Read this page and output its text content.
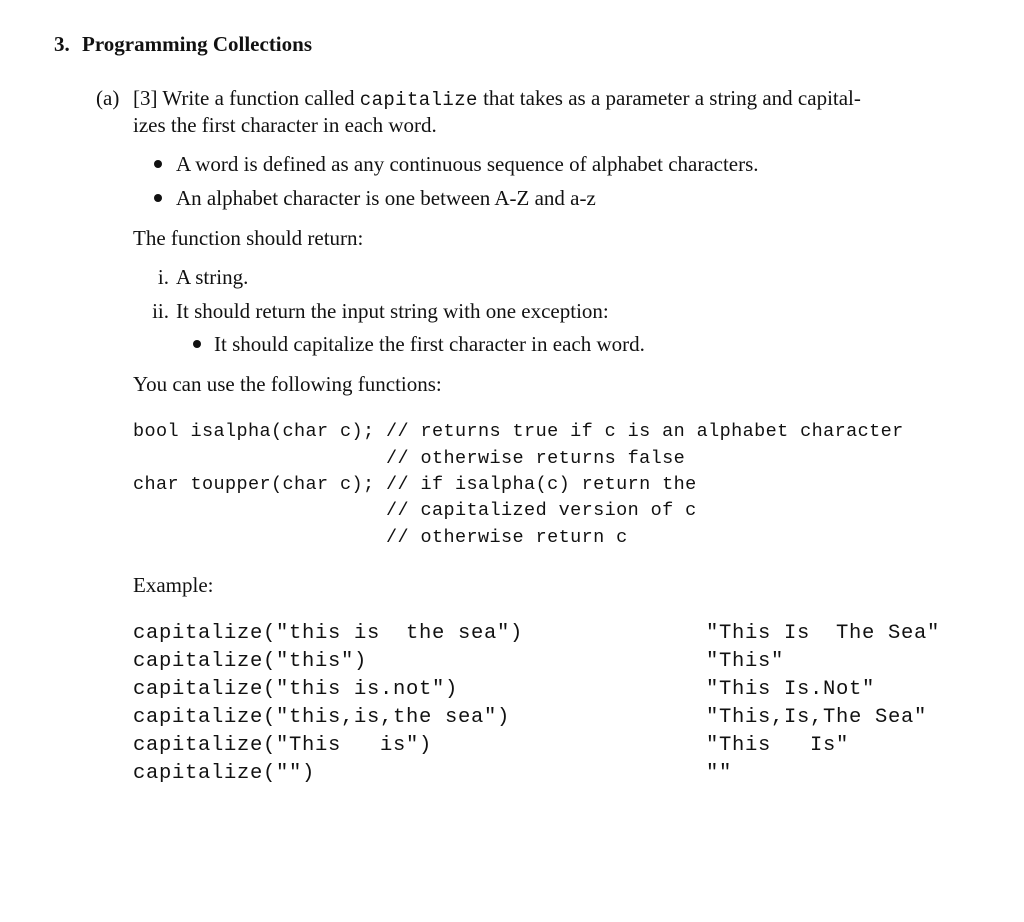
3. Programming Collections
(a) [3] Write a function called capitalize that takes as a parameter a string and capital-
izes the first character in each word.
A word is defined as any continuous sequence of alphabet characters.
An alphabet character is one between A-Z and a-z
The function should return:
i. A string.
ii. It should return the input string with one exception:
It should capitalize the first character in each word.
You can use the following functions:
bool isalpha(char c); // returns true if c is an alphabet character
// otherwise returns false
char toupper(char c); // if isalpha(c) return the
// capitalized version of c
// otherwise return c
Example:
capitalize("this is  the sea")	"This Is  The Sea"
capitalize("this")	"This"
capitalize("this is.not")	"This Is.Not"
capitalize("this,is,the sea")	"This,Is,The Sea"
capitalize("This   is")	"This   Is"
capitalize("")	""
